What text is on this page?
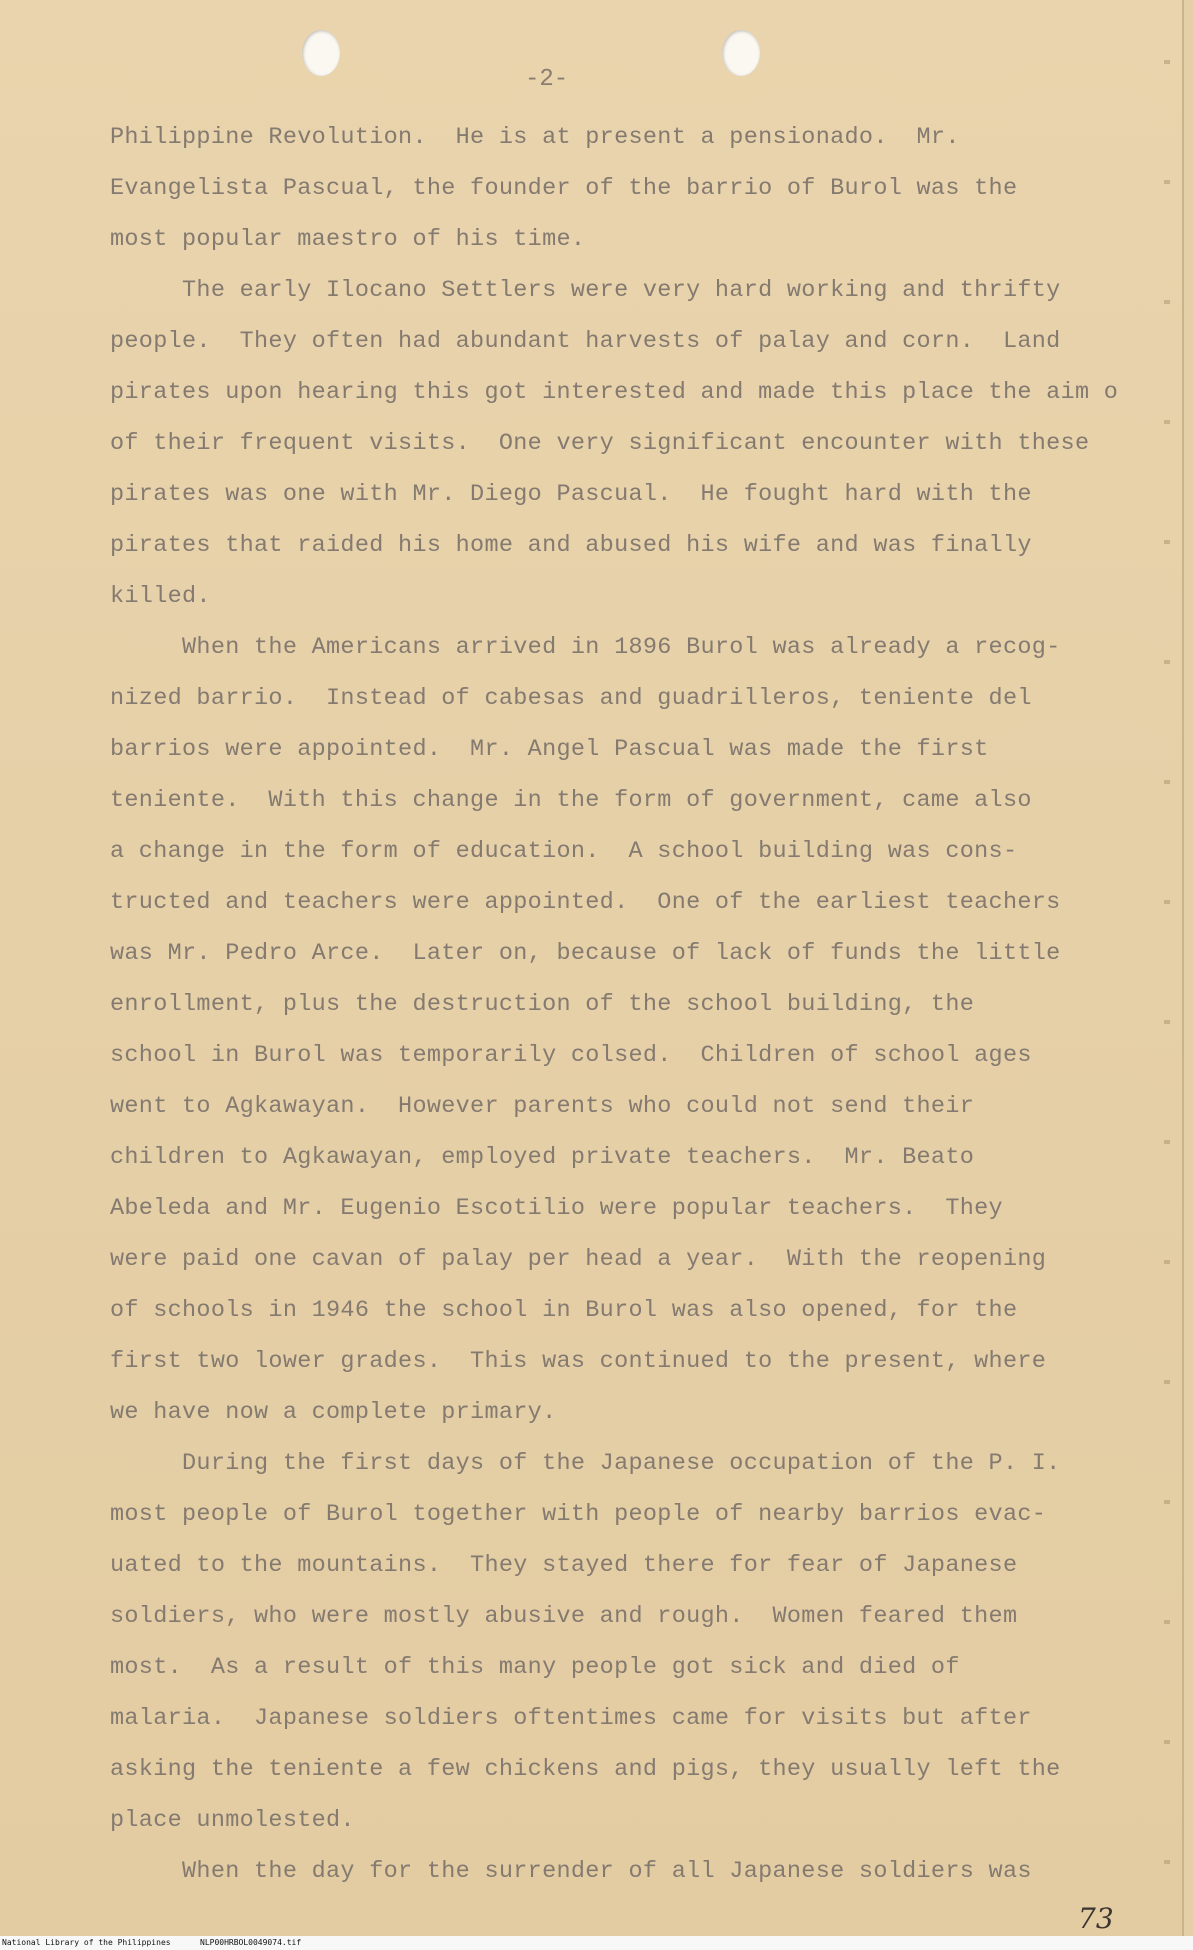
-2-
Philippine Revolution.  He is at present a pensionado.  Mr.
Evangelista Pascual, the founder of the barrio of Burol was the
most popular maestro of his time.
The early Ilocano Settlers were very hard working and thrifty
people.  They often had abundant harvests of palay and corn.  Land
pirates upon hearing this got interested and made this place the aim o
of their frequent visits.  One very significant encounter with these
pirates was one with Mr. Diego Pascual.  He fought hard with the
pirates that raided his home and abused his wife and was finally
killed.
When the Americans arrived in 1896 Burol was already a recog-
nized barrio.  Instead of cabesas and guadrilleros, teniente del
barrios were appointed.  Mr. Angel Pascual was made the first
teniente.  With this change in the form of government, came also
a change in the form of education.  A school building was cons-
tructed and teachers were appointed.  One of the earliest teachers
was Mr. Pedro Arce.  Later on, because of lack of funds the little
enrollment, plus the destruction of the school building, the
school in Burol was temporarily colsed.  Children of school ages
went to Agkawayan.  However parents who could not send their
children to Agkawayan, employed private teachers.  Mr. Beato
Abeleda and Mr. Eugenio Escotilio were popular teachers.  They
were paid one cavan of palay per head a year.  With the reopening
of schools in 1946 the school in Burol was also opened, for the
first two lower grades.  This was continued to the present, where
we have now a complete primary.
During the first days of the Japanese occupation of the P. I.
most people of Burol together with people of nearby barrios evac-
uated to the mountains.  They stayed there for fear of Japanese
soldiers, who were mostly abusive and rough.  Women feared them
most.  As a result of this many people got sick and died of
malaria.  Japanese soldiers oftentimes came for visits but after
asking the teniente a few chickens and pigs, they usually left the
place unmolested.
When the day for the surrender of all Japanese soldiers was
73
National Library of the Philippines	NLP00HRBOL0049074.tif
